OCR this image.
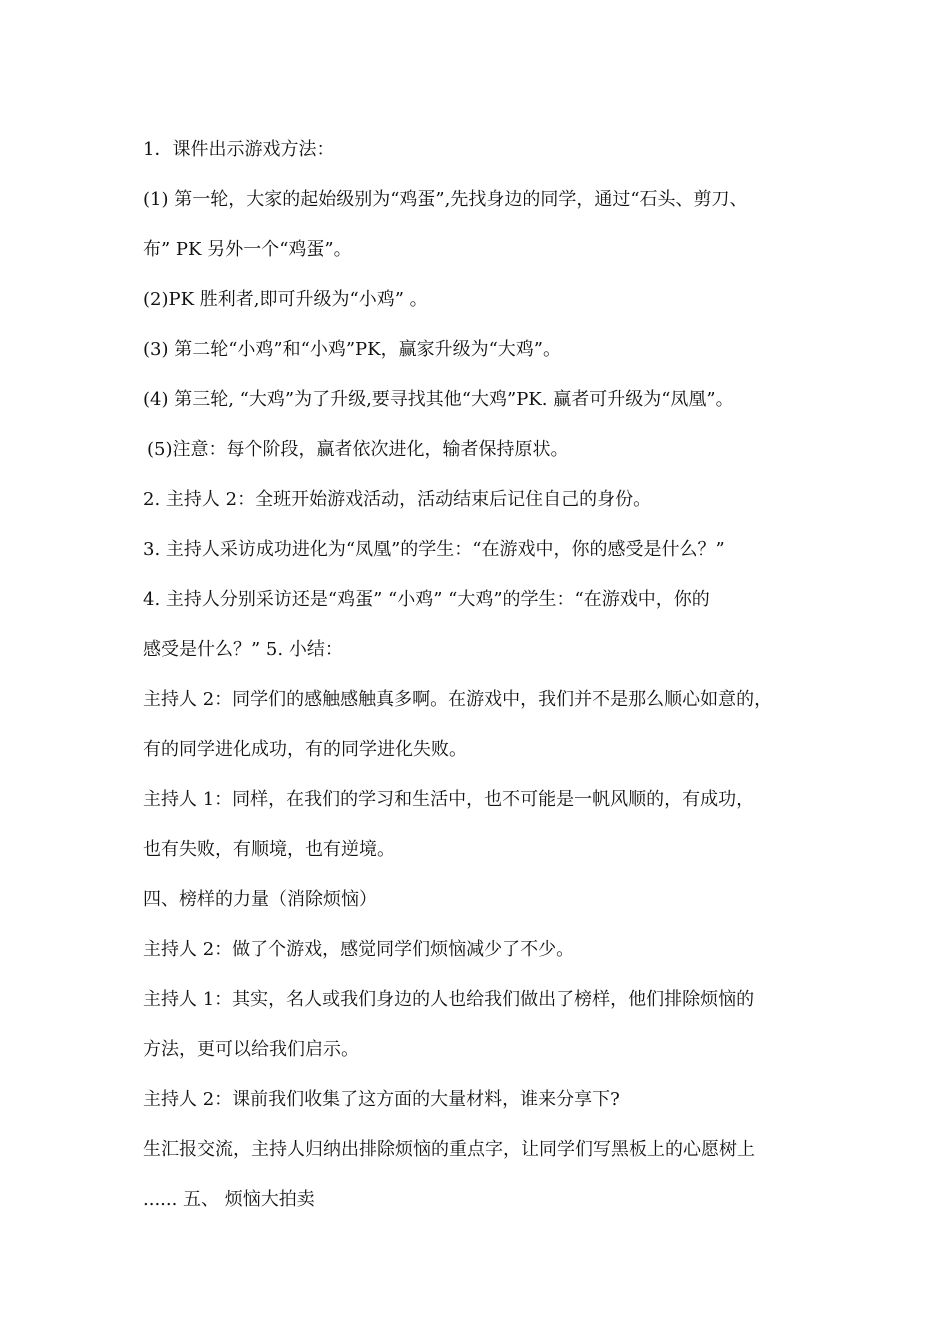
1．课件出示游戏方法：
(1) 第一轮，大家的起始级别为“鸡蛋”,先找身边的同学，通过“石头、剪刀、
布” PK 另外一个“鸡蛋”。
(2)PK 胜利者,即可升级为“小鸡” 。
(3) 第二轮“小鸡”和“小鸡”PK，赢家升级为“大鸡”。
(4) 第三轮, “大鸡”为了升级,要寻找其他“大鸡”PK. 赢者可升级为“凤凰”。
(5)注意：每个阶段，赢者依次进化，输者保持原状。
2. 主持人 2：全班开始游戏活动，活动结束后记住自己的身份。
3. 主持人采访成功进化为“凤凰”的学生：“在游戏中，你的感受是什么？”
4. 主持人分别采访还是“鸡蛋” “小鸡” “大鸡”的学生：“在游戏中，你的
感受是什么？” 5. 小结：
主持人 2：同学们的感触感触真多啊。在游戏中，我们并不是那么顺心如意的，
有的同学进化成功，有的同学进化失败。
主持人 1：同样，在我们的学习和生活中，也不可能是一帆风顺的，有成功，
也有失败，有顺境，也有逆境。
四、榜样的力量（消除烦恼）
主持人 2：做了个游戏，感觉同学们烦恼减少了不少。
主持人 1：其实，名人或我们身边的人也给我们做出了榜样，他们排除烦恼的
方法，更可以给我们启示。
主持人 2：课前我们收集了这方面的大量材料，谁来分享下?
生汇报交流，主持人归纳出排除烦恼的重点字，让同学们写黑板上的心愿树上
...... 五、 烦恼大拍卖
